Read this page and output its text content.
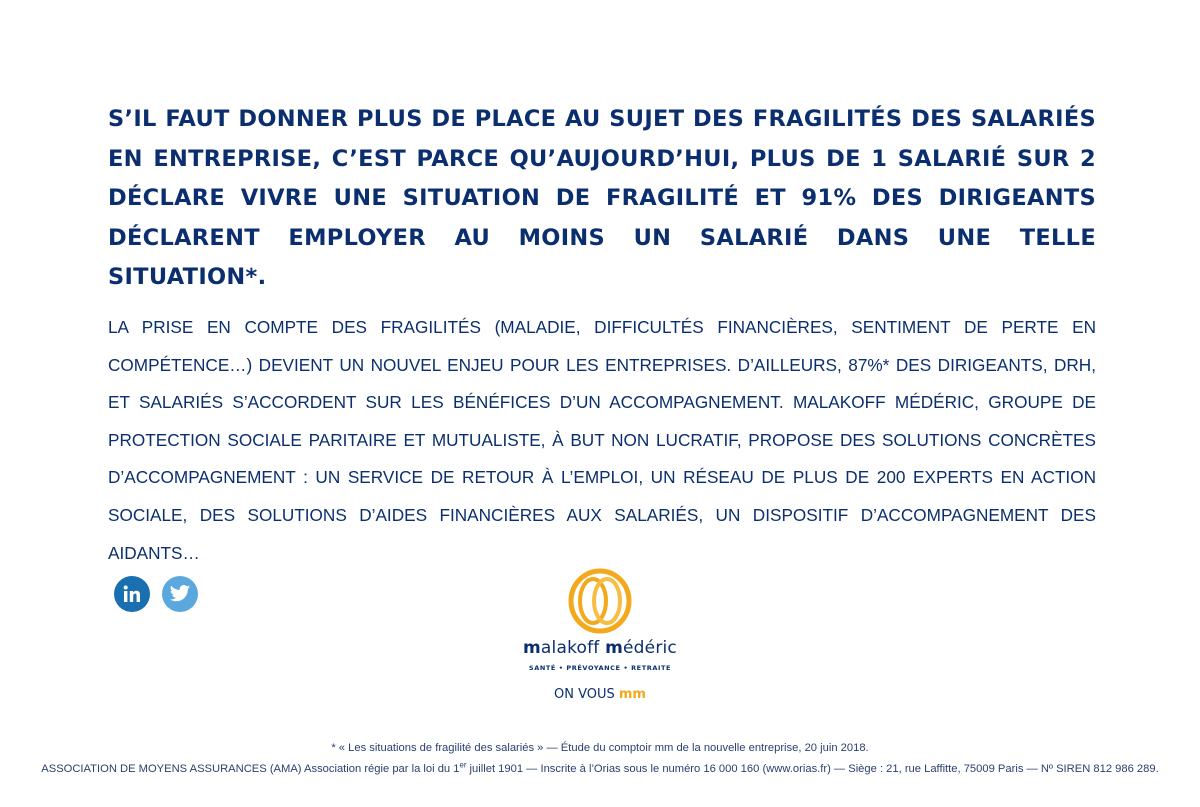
S’IL FAUT DONNER PLUS DE PLACE AU SUJET DES FRAGILITÉS DES SALARIÉS EN ENTREPRISE, C’EST PARCE QU’AUJOURD’HUI, PLUS DE 1 SALARIÉ SUR 2 DÉCLARE VIVRE UNE SITUATION DE FRAGILITÉ ET 91% DES DIRIGEANTS DÉCLARENT EMPLOYER AU MOINS UN SALARIÉ DANS UNE TELLE SITUATION*.

LA PRISE EN COMPTE DES FRAGILITÉS (MALADIE, DIFFICULTÉS FINANCIÈRES, SENTIMENT DE PERTE EN COMPÉTENCE…) DEVIENT UN NOUVEL ENJEU POUR LES ENTREPRISES. D’AILLEURS, 87%* DES DIRIGEANTS, DRH, ET SALARIÉS S’ACCORDENT SUR LES BÉNÉFICES D’UN ACCOMPAGNEMENT. MALAKOFF MÉDÉRIC, GROUPE DE PROTECTION SOCIALE PARITAIRE ET MUTUALISTE, À BUT NON LUCRATIF, PROPOSE DES SOLUTIONS CONCRÈTES D’ACCOMPAGNEMENT : UN SERVICE DE RETOUR À L’EMPLOI, UN RÉSEAU DE PLUS DE 200 EXPERTS EN ACTION SOCIALE, DES SOLUTIONS D’AIDES FINANCIÈRES AUX SALARIÉS, UN DISPOSITIF D’ACCOMPAGNEMENT DES AIDANTS…

malakoff médéric
SANTÉ • PRÉVOYANCE • RETRAITE
ON VOUS mm
* « Les situations de fragilité des salariés » — Étude du comptoir mm de la nouvelle entreprise, 20 juin 2018.
ASSOCIATION DE MOYENS ASSURANCES (AMA) Association régie par la loi du 1er juillet 1901 — Inscrite à l’Orias sous le numéro 16 000 160 (www.orias.fr) — Siège : 21, rue Laffitte, 75009 Paris — Nº SIREN 812 986 289.
